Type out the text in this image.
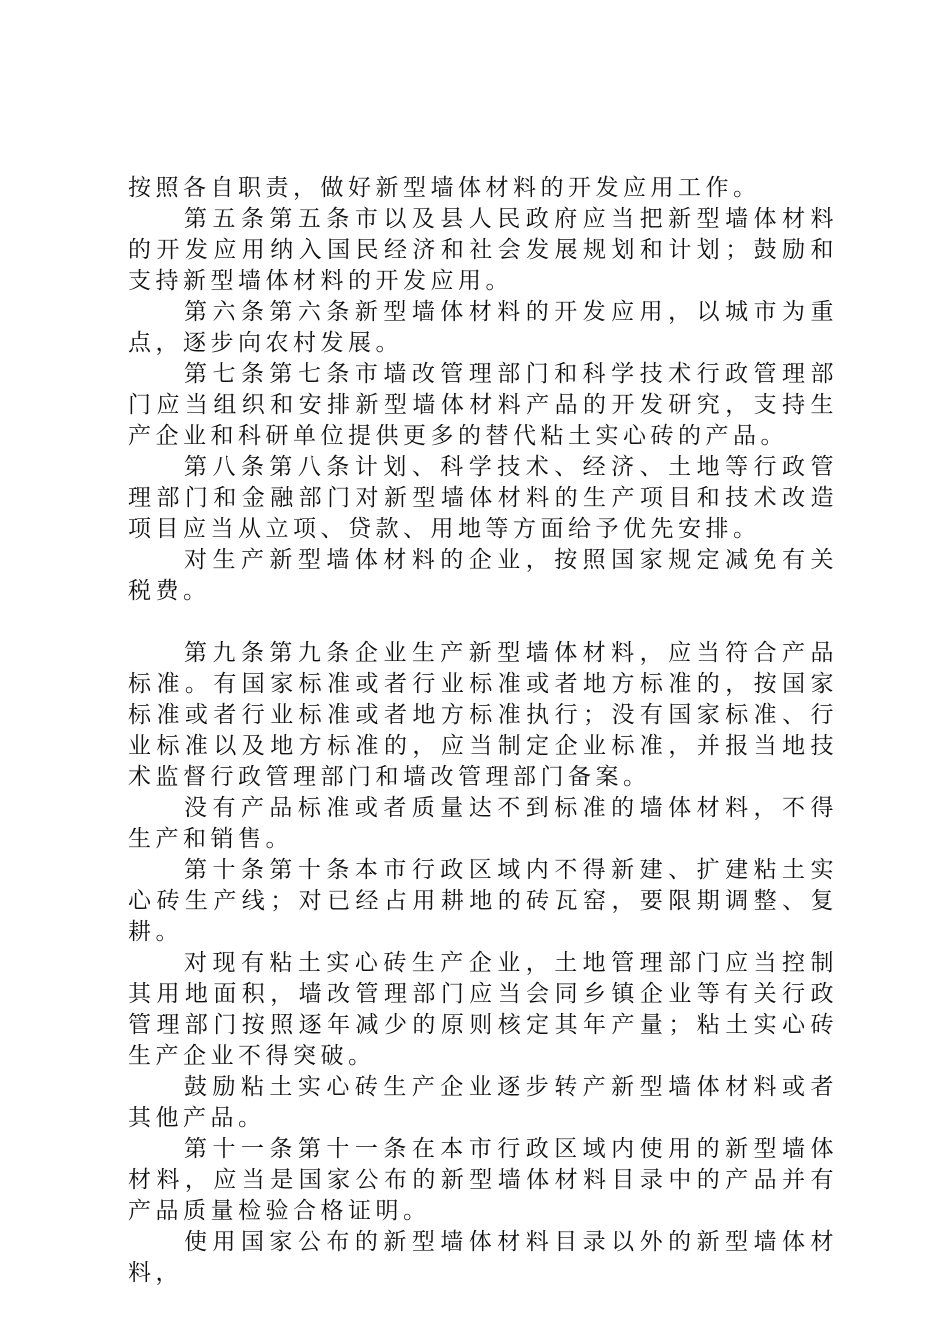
按照各自职责，做好新型墙体材料的开发应用工作。

第五条第五条市以及县人民政府应当把新型墙体材料的开发应用纳入国民经济和社会发展规划和计划；鼓励和支持新型墙体材料的开发应用。

第六条第六条新型墙体材料的开发应用，以城市为重点，逐步向农村发展。

第七条第七条市墙改管理部门和科学技术行政管理部门应当组织和安排新型墙体材料产品的开发研究，支持生产企业和科研单位提供更多的替代粘土实心砖的产品。

第八条第八条计划、科学技术、经济、土地等行政管理部门和金融部门对新型墙体材料的生产项目和技术改造项目应当从立项、贷款、用地等方面给予优先安排。

对生产新型墙体材料的企业，按照国家规定减免有关税费。

第九条第九条企业生产新型墙体材料，应当符合产品标准。有国家标准或者行业标准或者地方标准的，按国家标准或者行业标准或者地方标准执行；没有国家标准、行业标准以及地方标准的，应当制定企业标准，并报当地技术监督行政管理部门和墙改管理部门备案。

没有产品标准或者质量达不到标准的墙体材料，不得生产和销售。

第十条第十条本市行政区域内不得新建、扩建粘土实心砖生产线；对已经占用耕地的砖瓦窑，要限期调整、复耕。

对现有粘土实心砖生产企业，土地管理部门应当控制其用地面积，墙改管理部门应当会同乡镇企业等有关行政管理部门按照逐年减少的原则核定其年产量；粘土实心砖生产企业不得突破。

鼓励粘土实心砖生产企业逐步转产新型墙体材料或者其他产品。

第十一条第十一条在本市行政区域内使用的新型墙体材料，应当是国家公布的新型墙体材料目录中的产品并有产品质量检验合格证明。

使用国家公布的新型墙体材料目录以外的新型墙体材料，
